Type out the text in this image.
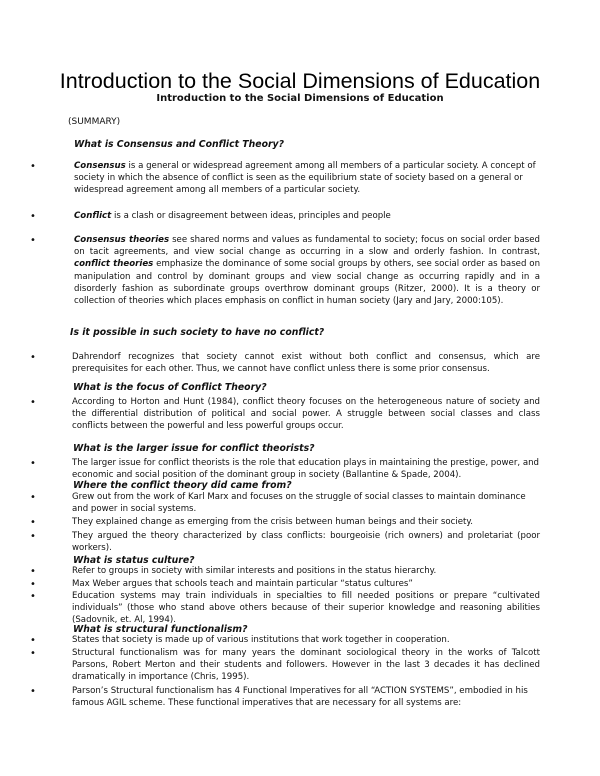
Introduction to the Social Dimensions of Education
Introduction to the Social Dimensions of Education
(SUMMARY)
What is Consensus and Conflict Theory?
•	Consensus is a general or widespread agreement among all members of a particular society. A concept of society in which the absence of conflict is seen as the equilibrium state of society based on a general or widespread agreement among all members of a particular society.
•	Conflict is a clash or disagreement between ideas, principles and people
•	Consensus theories see shared norms and values as fundamental to society; focus on social order based on tacit agreements, and view social change as occurring in a slow and orderly fashion. In contrast, conflict theories emphasize the dominance of some social groups by others, see social order as based on manipulation and control by dominant groups and view social change as occurring rapidly and in a disorderly fashion as subordinate groups overthrow dominant groups (Ritzer, 2000). It is a theory or collection of theories which places emphasis on conflict in human society (Jary and Jary, 2000:105).
Is it possible in such society to have no conflict?
•	Dahrendorf recognizes that society cannot exist without both conflict and consensus, which are prerequisites for each other. Thus, we cannot have conflict unless there is some prior consensus.
What is the focus of Conflict Theory?
•	According to Horton and Hunt (1984), conflict theory focuses on the heterogeneous nature of society and the differential distribution of political and social power. A struggle between social classes and class conflicts between the powerful and less powerful groups occur.
What is the larger issue for conflict theorists?
•	The larger issue for conflict theorists is the role that education plays in maintaining the prestige, power, and economic and social position of the dominant group in society (Ballantine & Spade, 2004).
Where the conflict theory did came from?
•	Grew out from the work of Karl Marx and focuses on the struggle of social classes to maintain dominance and power in social systems.
•	They explained change as emerging from the crisis between human beings and their society.
•	They argued the theory characterized by class conflicts: bourgeoisie (rich owners) and proletariat (poor workers).
What is status culture?
•	Refer to groups in society with similar interests and positions in the status hierarchy.
•	Max Weber argues that schools teach and maintain particular “status cultures”
•	Education systems may train individuals in specialties to fill needed positions or prepare “cultivated individuals” (those who stand above others because of their superior knowledge and reasoning abilities (Sadovnik, et. Al, 1994).
What is structural functionalism?
•	States that society is made up of various institutions that work together in cooperation.
•	Structural functionalism was for many years the dominant sociological theory in the works of Talcott Parsons, Robert Merton and their students and followers. However in the last 3 decades it has declined dramatically in importance (Chris, 1995).
•	Parson’s Structural functionalism has 4 Functional Imperatives for all “ACTION SYSTEMS”, embodied in his famous AGIL scheme. These functional imperatives that are necessary for all systems are:
